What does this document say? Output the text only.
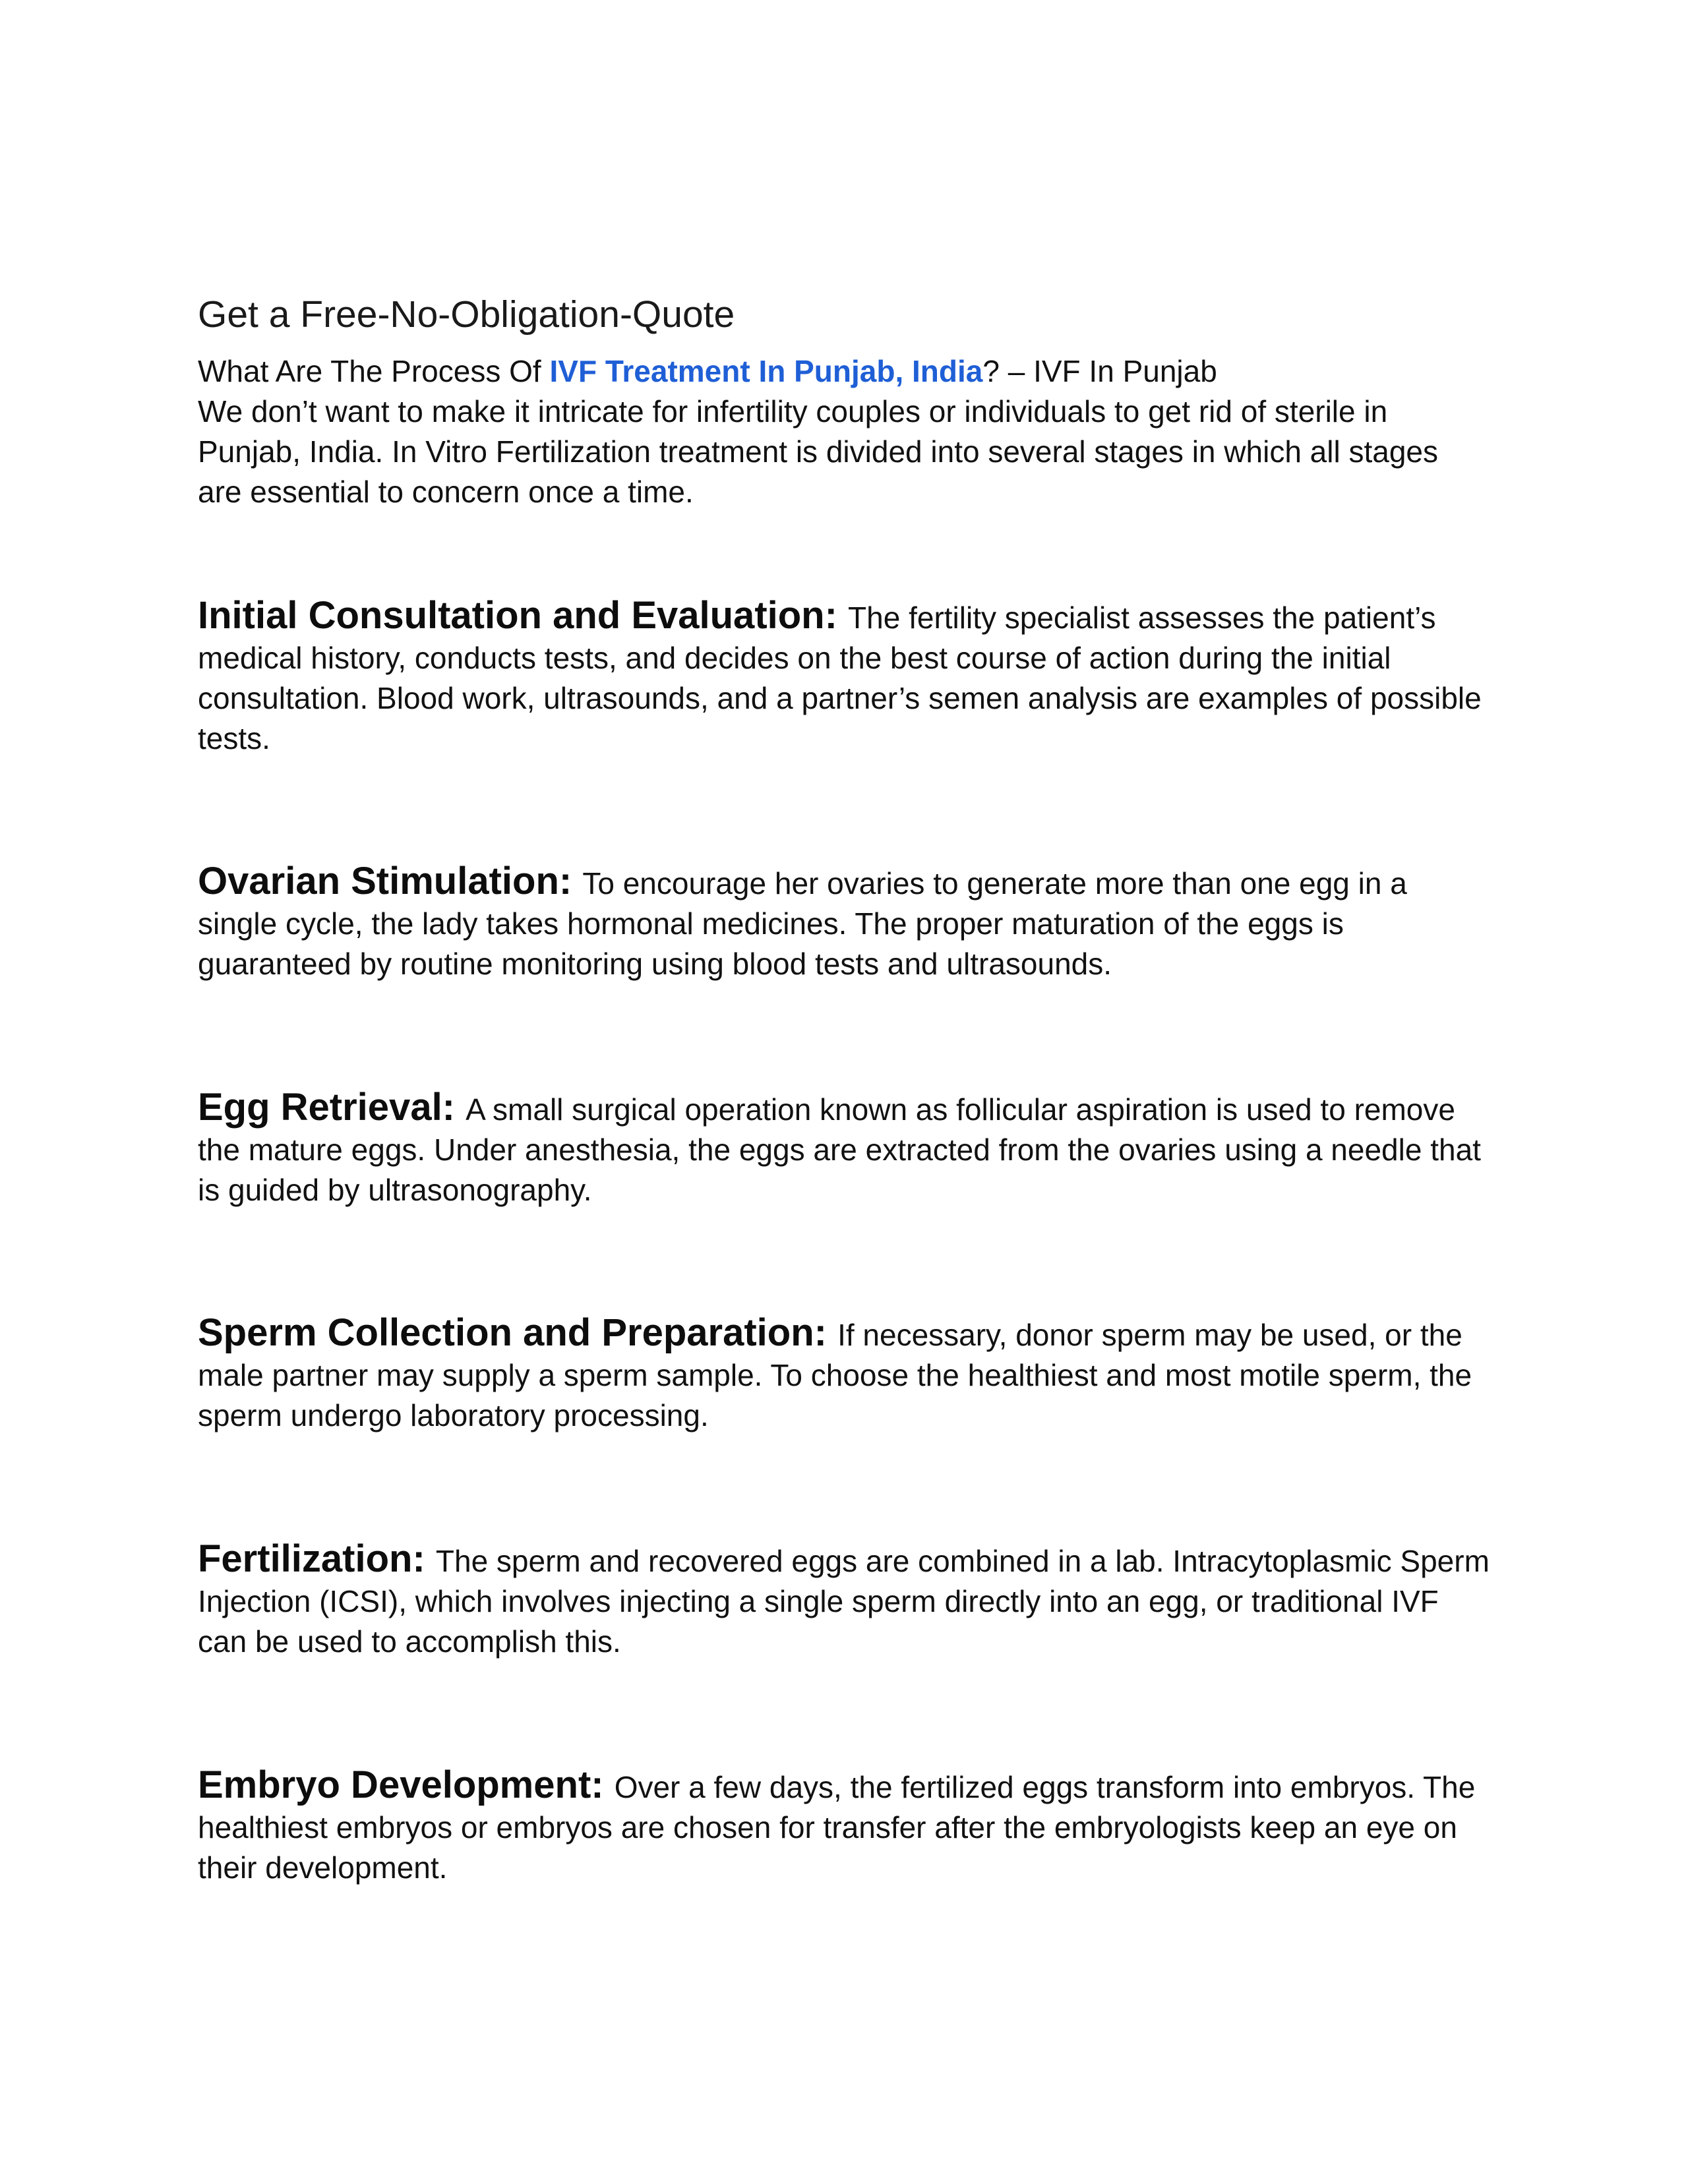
Get a Free-No-Obligation-Quote
What Are The Process Of IVF Treatment In Punjab, India? – IVF In Punjab
We don’t want to make it intricate for infertility couples or individuals to get rid of sterile in Punjab, India. In Vitro Fertilization treatment is divided into several stages in which all stages are essential to concern once a time.
Initial Consultation and Evaluation: The fertility specialist assesses the patient’s medical history, conducts tests, and decides on the best course of action during the initial consultation. Blood work, ultrasounds, and a partner’s semen analysis are examples of possible tests.
Ovarian Stimulation: To encourage her ovaries to generate more than one egg in a single cycle, the lady takes hormonal medicines. The proper maturation of the eggs is guaranteed by routine monitoring using blood tests and ultrasounds.
Egg Retrieval: A small surgical operation known as follicular aspiration is used to remove the mature eggs. Under anesthesia, the eggs are extracted from the ovaries using a needle that is guided by ultrasonography.
Sperm Collection and Preparation: If necessary, donor sperm may be used, or the male partner may supply a sperm sample. To choose the healthiest and most motile sperm, the sperm undergo laboratory processing.
Fertilization: The sperm and recovered eggs are combined in a lab. Intracytoplasmic Sperm Injection (ICSI), which involves injecting a single sperm directly into an egg, or traditional IVF can be used to accomplish this.
Embryo Development: Over a few days, the fertilized eggs transform into embryos. The healthiest embryos or embryos are chosen for transfer after the embryologists keep an eye on their development.
